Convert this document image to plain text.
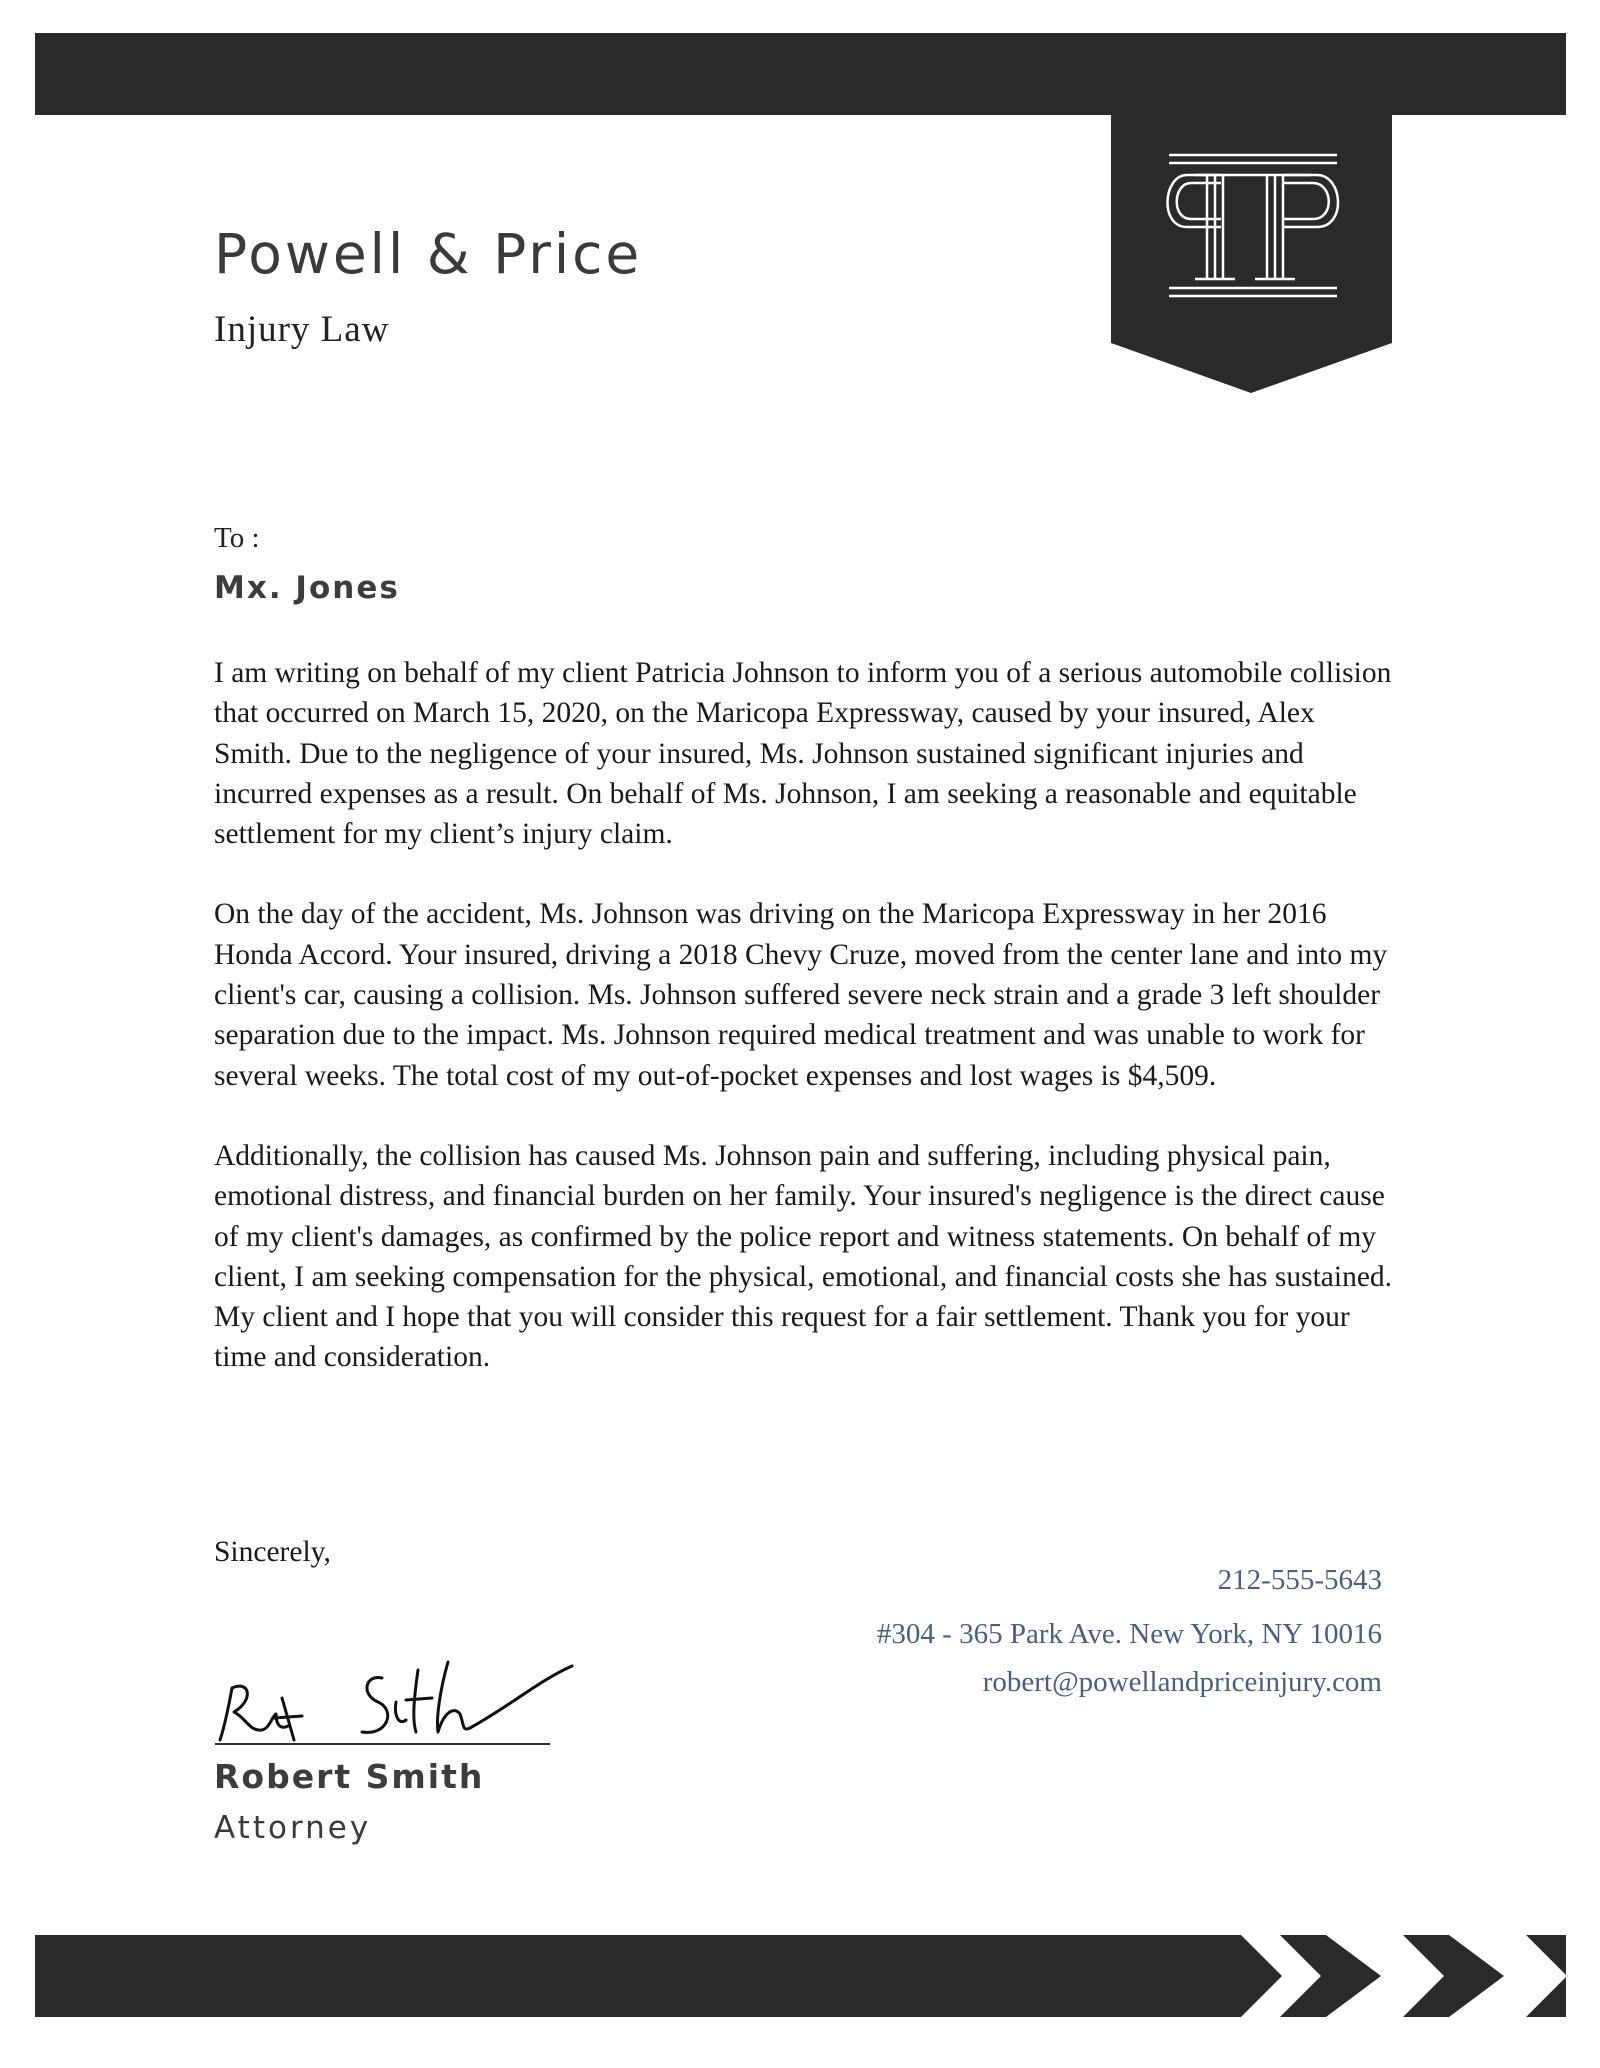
Powell & Price
Injury Law
To :
Mx. Jones

I am writing on behalf of my client Patricia Johnson to inform you of a serious automobile collision that occurred on March 15, 2020, on the Maricopa Expressway, caused by your insured, Alex Smith. Due to the negligence of your insured, Ms. Johnson sustained significant injuries and incurred expenses as a result. On behalf of Ms. Johnson, I am seeking a reasonable and equitable settlement for my client’s injury claim.

On the day of the accident, Ms. Johnson was driving on the Maricopa Expressway in her 2016 Honda Accord. Your insured, driving a 2018 Chevy Cruze, moved from the center lane and into my client's car, causing a collision. Ms. Johnson suffered severe neck strain and a grade 3 left shoulder separation due to the impact. Ms. Johnson required medical treatment and was unable to work for several weeks. The total cost of my out-of-pocket expenses and lost wages is $4,509.

Additionally, the collision has caused Ms. Johnson pain and suffering, including physical pain, emotional distress, and financial burden on her family. Your insured's negligence is the direct cause of my client's damages, as confirmed by the police report and witness statements. On behalf of my client, I am seeking compensation for the physical, emotional, and financial costs she has sustained.

My client and I hope that you will consider this request for a fair settlement. Thank you for your time and consideration.

Sincerely,
212-555-5643
#304 - 365 Park Ave. New York, NY 10016
robert@powellandpriceinjury.com
Robert Smith
Attorney
